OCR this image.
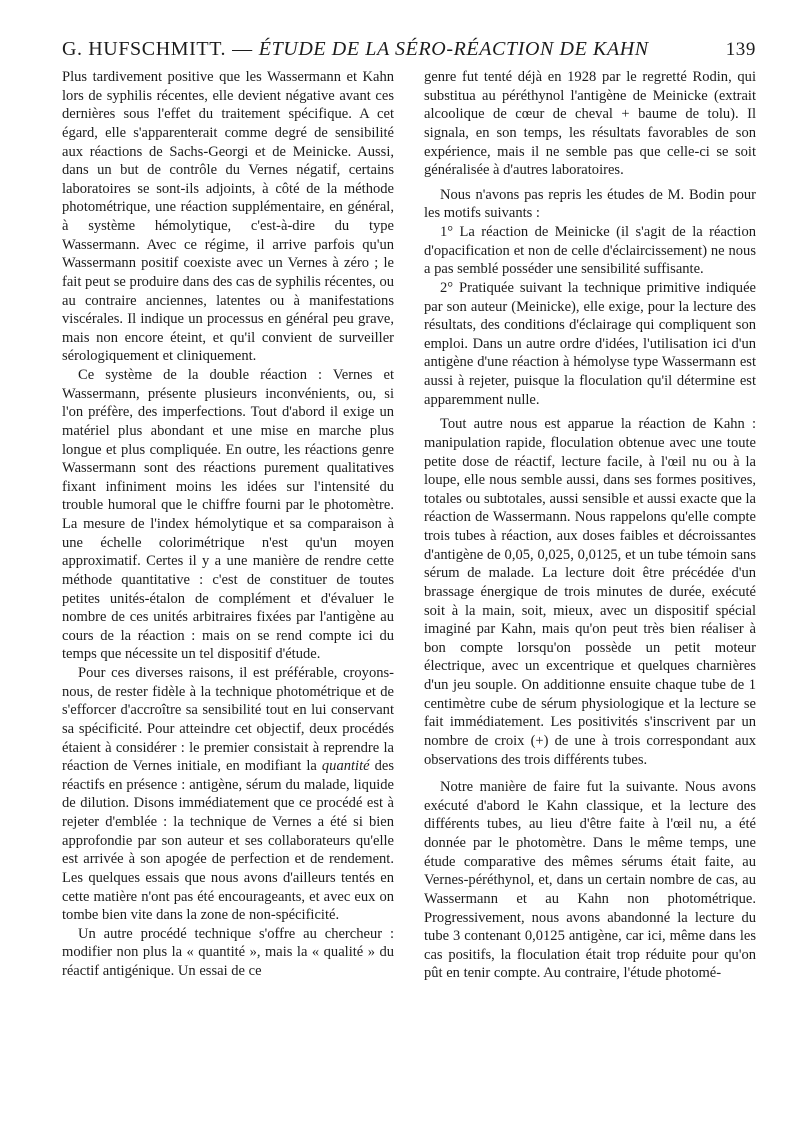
G. HUFSCHMITT. — ÉTUDE DE LA SÉRO-RÉACTION DE KAHN	139

Plus tardivement positive que les Wassermann et Kahn lors de syphilis récentes, elle devient négative avant ces dernières sous l'effet du traitement spécifique. A cet égard, elle s'apparenterait comme degré de sensibilité aux réactions de Sachs-Georgi et de Meinicke. Aussi, dans un but de contrôle du Vernes négatif, certains laboratoires se sont-ils adjoints, à côté de la méthode photométrique, une réaction supplémentaire, en général, à système hémolytique, c'est-à-dire du type Wassermann. Avec ce régime, il arrive parfois qu'un Wassermann positif coexiste avec un Vernes à zéro ; le fait peut se produire dans des cas de syphilis récentes, ou au contraire anciennes, latentes ou à manifestations viscérales. Il indique un processus en général peu grave, mais non encore éteint, et qu'il convient de surveiller sérologiquement et cliniquement.

Ce système de la double réaction : Vernes et Wassermann, présente plusieurs inconvénients, ou, si l'on préfère, des imperfections. Tout d'abord il exige un matériel plus abondant et une mise en marche plus longue et plus compliquée. En outre, les réactions genre Wassermann sont des réactions purement qualitatives fixant infiniment moins les idées sur l'intensité du trouble humoral que le chiffre fourni par le photomètre. La mesure de l'index hémolytique et sa comparaison à une échelle colorimétrique n'est qu'un moyen approximatif. Certes il y a une manière de rendre cette méthode quantitative : c'est de constituer de toutes petites unités-étalon de complément et d'évaluer le nombre de ces unités arbitraires fixées par l'antigène au cours de la réaction : mais on se rend compte ici du temps que nécessite un tel dispositif d'étude.

Pour ces diverses raisons, il est préférable, croyons-nous, de rester fidèle à la technique photométrique et de s'efforcer d'accroître sa sensibilité tout en lui conservant sa spécificité. Pour atteindre cet objectif, deux procédés étaient à considérer : le premier consistait à reprendre la réaction de Vernes initiale, en modifiant la quantité des réactifs en présence : antigène, sérum du malade, liquide de dilution. Disons immédiatement que ce procédé est à rejeter d'emblée : la technique de Vernes a été si bien approfondie par son auteur et ses collaborateurs qu'elle est arrivée à son apogée de perfection et de rendement. Les quelques essais que nous avons d'ailleurs tentés en cette matière n'ont pas été encourageants, et avec eux on tombe bien vite dans la zone de non-spécificité.

Un autre procédé technique s'offre au chercheur : modifier non plus la « quantité », mais la « qualité » du réactif antigénique. Un essai de ce

genre fut tenté déjà en 1928 par le regretté Rodin, qui substitua au péréthynol l'antigène de Meinicke (extrait alcoolique de cœur de cheval + baume de tolu). Il signala, en son temps, les résultats favorables de son expérience, mais il ne semble pas que celle-ci se soit généralisée à d'autres laboratoires.

Nous n'avons pas repris les études de M. Bodin pour les motifs suivants :

1° La réaction de Meinicke (il s'agit de la réaction d'opacification et non de celle d'éclaircissement) ne nous a pas semblé posséder une sensibilité suffisante.

2° Pratiquée suivant la technique primitive indiquée par son auteur (Meinicke), elle exige, pour la lecture des résultats, des conditions d'éclairage qui compliquent son emploi. Dans un autre ordre d'idées, l'utilisation ici d'un antigène d'une réaction à hémolyse type Wassermann est aussi à rejeter, puisque la floculation qu'il détermine est apparemment nulle.

Tout autre nous est apparue la réaction de Kahn : manipulation rapide, floculation obtenue avec une toute petite dose de réactif, lecture facile, à l'œil nu ou à la loupe, elle nous semble aussi, dans ses formes positives, totales ou subtotales, aussi sensible et aussi exacte que la réaction de Wassermann. Nous rappelons qu'elle compte trois tubes à réaction, aux doses faibles et décroissantes d'antigène de 0,05, 0,025, 0,0125, et un tube témoin sans sérum de malade. La lecture doit être précédée d'un brassage énergique de trois minutes de durée, exécuté soit à la main, soit, mieux, avec un dispositif spécial imaginé par Kahn, mais qu'on peut très bien réaliser à bon compte lorsqu'on possède un petit moteur électrique, avec un excentrique et quelques charnières d'un jeu souple. On additionne ensuite chaque tube de 1 centimètre cube de sérum physiologique et la lecture se fait immédiatement. Les positivités s'inscrivent par un nombre de croix (+) de une à trois correspondant aux observations des trois différents tubes.

Notre manière de faire fut la suivante. Nous avons exécuté d'abord le Kahn classique, et la lecture des différents tubes, au lieu d'être faite à l'œil nu, a été donnée par le photomètre. Dans le même temps, une étude comparative des mêmes sérums était faite, au Vernes-péréthynol, et, dans un certain nombre de cas, au Wassermann et au Kahn non photométrique. Progressivement, nous avons abandonné la lecture du tube 3 contenant 0,0125 antigène, car ici, même dans les cas positifs, la floculation était trop réduite pour qu'on pût en tenir compte. Au contraire, l'étude photomé-
